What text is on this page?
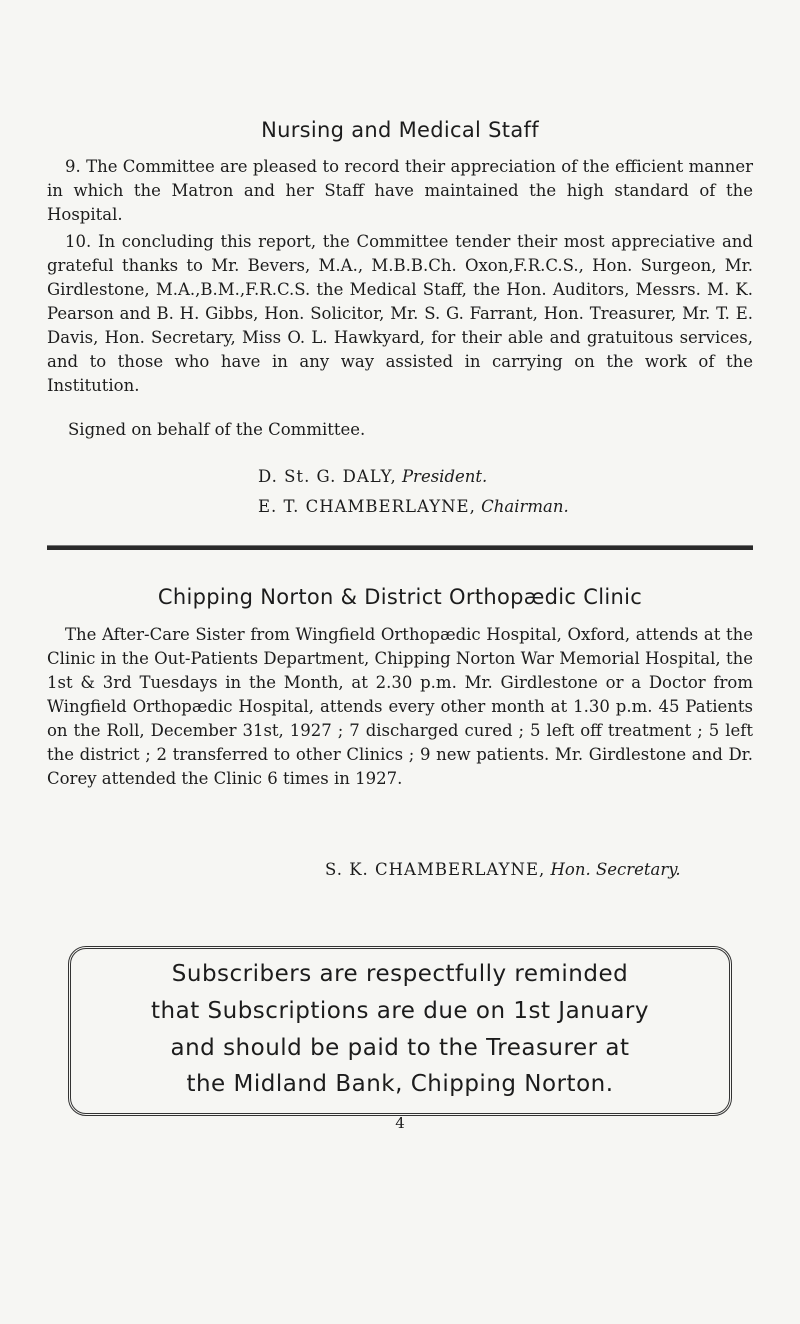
Nursing and Medical Staff
9. The Committee are pleased to record their appreciation of the efficient manner in which the Matron and her Staff have maintained the high standard of the Hospital.
10. In concluding this report, the Committee tender their most appreciative and grateful thanks to Mr. Bevers, M.A., M.B.B.Ch. Oxon,F.R.C.S., Hon. Surgeon, Mr. Girdlestone, M.A.,B.M.,F.R.C.S. the Medical Staff, the Hon. Auditors, Messrs. M. K. Pearson and B. H. Gibbs, Hon. Solicitor, Mr. S. G. Farrant, Hon. Treasurer, Mr. T. E. Davis, Hon. Secretary, Miss O. L. Hawkyard, for their able and gratuitous services, and to those who have in any way assisted in carrying on the work of the Institution.
Signed on behalf of the Committee.
D. St. G. DALY, President.
E. T. CHAMBERLAYNE, Chairman.
Chipping Norton & District Orthopædic Clinic
The After-Care Sister from Wingfield Orthopædic Hospital, Oxford, attends at the Clinic in the Out-Patients Department, Chipping Norton War Memorial Hospital, the 1st & 3rd Tuesdays in the Month, at 2.30 p.m. Mr. Girdlestone or a Doctor from Wingfield Orthopædic Hospital, attends every other month at 1.30 p.m. 45 Patients on the Roll, December 31st, 1927 ; 7 discharged cured ; 5 left off treatment ; 5 left the district ; 2 transferred to other Clinics ; 9 new patients. Mr. Girdlestone and Dr. Corey attended the Clinic 6 times in 1927.
S. K. CHAMBERLAYNE, Hon. Secretary.
Subscribers are respectfully reminded
that Subscriptions are due on 1st January
and should be paid to the Treasurer at
the Midland Bank, Chipping Norton.
4
